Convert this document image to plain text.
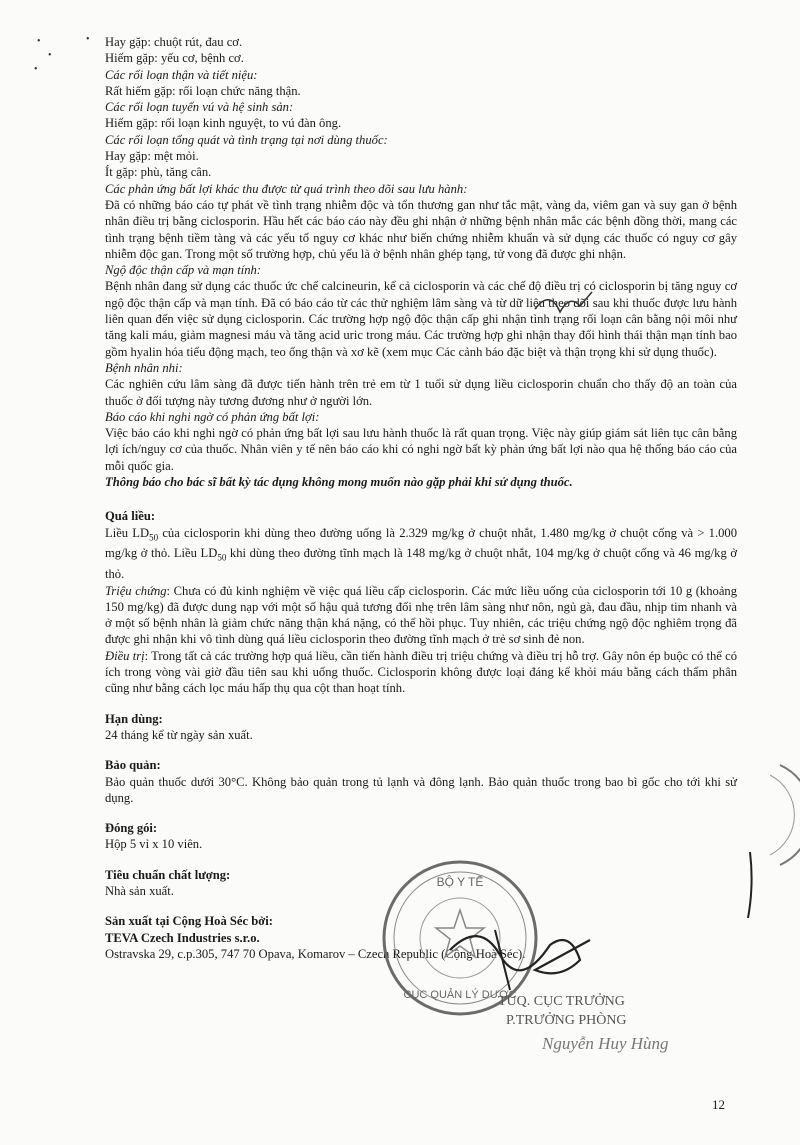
•	•
•
•

Hay gặp: chuột rút, đau cơ.

Hiếm gặp: yếu cơ, bệnh cơ.

Các rối loạn thận và tiết niệu:

Rất hiếm gặp: rối loạn chức năng thận.

Các rối loạn tuyến vú và hệ sinh sản:

Hiếm gặp: rối loạn kinh nguyệt, to vú đàn ông.

Các rối loạn tổng quát và tình trạng tại nơi dùng thuốc:

Hay gặp: mệt mỏi.

Ít gặp: phù, tăng cân.

Các phản ứng bất lợi khác thu được từ quá trình theo dõi sau lưu hành:

Đã có những báo cáo tự phát về tình trạng nhiễm độc và tổn thương gan như tắc mật, vàng da, viêm gan và suy gan ở bệnh nhân điều trị bằng ciclosporin. Hầu hết các báo cáo này đều ghi nhận ở những bệnh nhân mắc các bệnh đồng thời, mang các tình trạng bệnh tiềm tàng và các yếu tố nguy cơ khác như biến chứng nhiễm khuẩn và sử dụng các thuốc có nguy cơ gây nhiễm độc gan. Trong một số trường hợp, chủ yếu là ở bệnh nhân ghép tạng, tử vong đã được ghi nhận.

Ngộ độc thận cấp và mạn tính:

Bệnh nhân đang sử dụng các thuốc ức chế calcineurin, kể cả ciclosporin và các chế độ điều trị có ciclosporin bị tăng nguy cơ ngộ độc thận cấp và mạn tính. Đã có báo cáo từ các thử nghiệm lâm sàng và từ dữ liệu theo dõi sau khi thuốc được lưu hành liên quan đến việc sử dụng ciclosporin. Các trường hợp ngộ độc thận cấp ghi nhận tình trạng rối loạn cân bằng nội môi như tăng kali máu, giảm magnesi máu và tăng acid uric trong máu. Các trường hợp ghi nhận thay đổi hình thái thận mạn tính bao gồm hyalin hóa tiểu động mạch, teo ống thận và xơ kẽ (xem mục Các cảnh báo đặc biệt và thận trọng khi sử dụng thuốc).

Bệnh nhân nhi:

Các nghiên cứu lâm sàng đã được tiến hành trên trẻ em từ 1 tuổi sử dụng liều ciclosporin chuẩn cho thấy độ an toàn của thuốc ở đối tượng này tương đương như ở người lớn.

Báo cáo khi nghi ngờ có phản ứng bất lợi:

Việc báo cáo khi nghi ngờ có phản ứng bất lợi sau lưu hành thuốc là rất quan trọng. Việc này giúp giám sát liên tục cân bằng lợi ích/nguy cơ của thuốc. Nhân viên y tế nên báo cáo khi có nghi ngờ bất kỳ phản ứng bất lợi nào qua hệ thống báo cáo của mỗi quốc gia.

Thông báo cho bác sĩ bất kỳ tác dụng không mong muốn nào gặp phải khi sử dụng thuốc.

Quá liều:

Liều $LD_{50}$ của ciclosporin khi dùng theo đường uống là 2.329 mg/kg ở chuột nhắt, 1.480 mg/kg ở chuột cống và > 1.000 mg/kg ở thỏ. Liều $LD_{50}$ khi dùng theo đường tĩnh mạch là 148 mg/kg ở chuột nhắt, 104 mg/kg ở chuột cống và 46 mg/kg ở thỏ.

Triệu chứng: Chưa có đủ kinh nghiệm về việc quá liều cấp ciclosporin. Các mức liều uống của ciclosporin tới 10 g (khoảng 150 mg/kg) đã được dung nạp với một số hậu quả tương đối nhẹ trên lâm sàng như nôn, ngủ gà, đau đầu, nhịp tim nhanh và ở một số bệnh nhân là giảm chức năng thận khá nặng, có thể hồi phục. Tuy nhiên, các triệu chứng ngộ độc nghiêm trọng đã được ghi nhận khi vô tình dùng quá liều ciclosporin theo đường tĩnh mạch ở trẻ sơ sinh đẻ non.

Điều trị: Trong tất cả các trường hợp quá liều, cần tiến hành điều trị triệu chứng và điều trị hỗ trợ. Gây nôn ép buộc có thể có ích trong vòng vài giờ đầu tiên sau khi uống thuốc. Ciclosporin không được loại đáng kể khỏi máu bằng cách thẩm phân cũng như bằng cách lọc máu hấp thụ qua cột than hoạt tính.

Hạn dùng:

24 tháng kể từ ngày sản xuất.

Bảo quản:

Bảo quản thuốc dưới 30°C. Không bảo quản trong tủ lạnh và đông lạnh. Bảo quản thuốc trong bao bì gốc cho tới khi sử dụng.

Đóng gói:

Hộp 5 vỉ x 10 viên.

Tiêu chuẩn chất lượng:

Nhà sản xuất.

Sản xuất tại Cộng Hoà Séc bởi:

TEVA Czech Industries s.r.o.

Ostravska 29, c.p.305, 747 70 Opava, Komarov – Czech Republic (Cộng Hoà Séc).

BỘ Y TẾ
CỤC QUẢN LÝ DƯỢC
TUQ. CỤC TRƯỞNG
P.TRƯỞNG PHÒNG
Nguyễn Huy Hùng
12
